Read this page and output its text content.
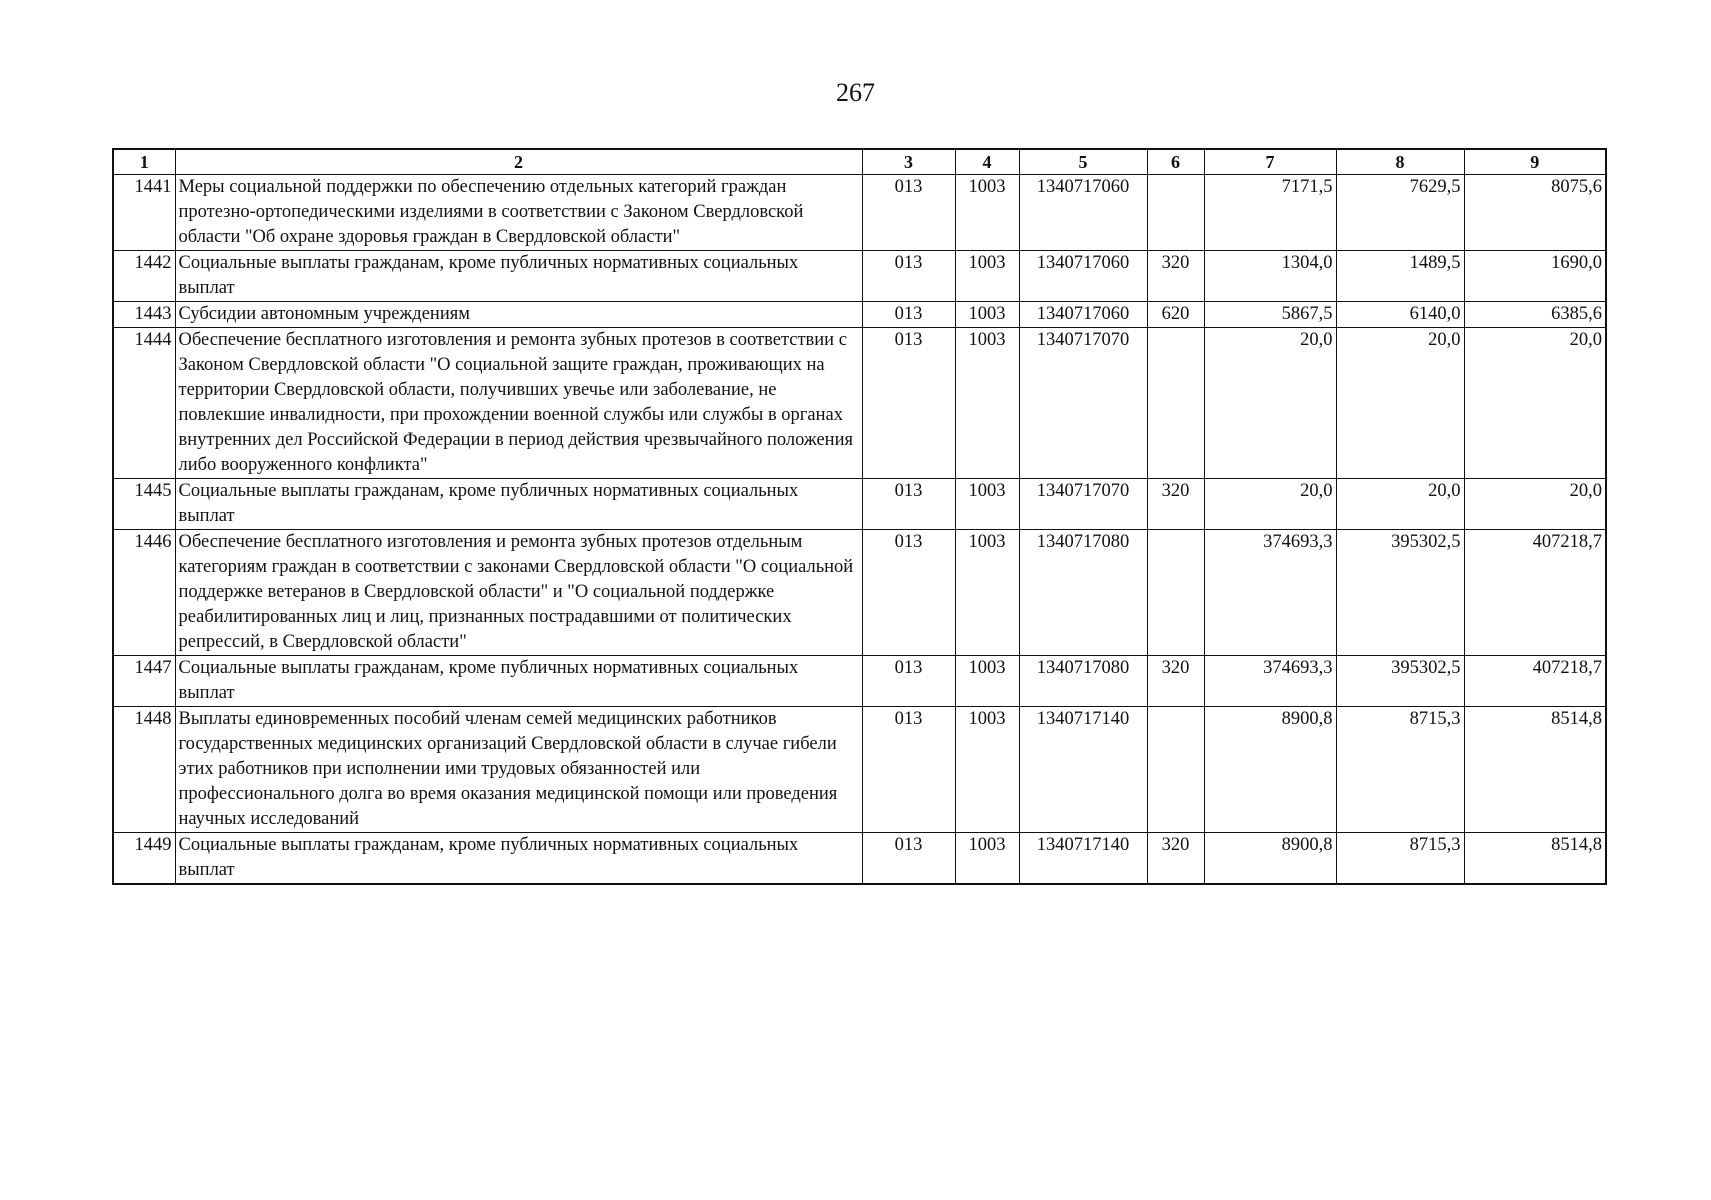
267
1	2	3	4	5	6	7	8	9
1441	Меры социальной поддержки по обеспечению отдельных категорий граждан протезно-ортопедическими изделиями в соответствии с Законом Свердловской области "Об охране здоровья граждан в Свердловской области"	013	1003	1340717060		7171,5	7629,5	8075,6
1442	Социальные выплаты гражданам, кроме публичных нормативных социальных выплат	013	1003	1340717060	320	1304,0	1489,5	1690,0
1443	Субсидии автономным учреждениям	013	1003	1340717060	620	5867,5	6140,0	6385,6
1444	Обеспечение бесплатного изготовления и ремонта зубных протезов в соответствии с Законом Свердловской области "О социальной защите граждан, проживающих на территории Свердловской области, получивших увечье или заболевание, не повлекшие инвалидности, при прохождении военной службы или службы в органах внутренних дел Российской Федерации в период действия чрезвычайного положения либо вооруженного конфликта"	013	1003	1340717070		20,0	20,0	20,0
1445	Социальные выплаты гражданам, кроме публичных нормативных социальных выплат	013	1003	1340717070	320	20,0	20,0	20,0
1446	Обеспечение бесплатного изготовления и ремонта зубных протезов отдельным категориям граждан в соответствии с законами Свердловской области "О социальной поддержке ветеранов в Свердловской области" и "О социальной поддержке реабилитированных лиц и лиц, признанных пострадавшими от политических репрессий, в Свердловской области"	013	1003	1340717080		374693,3	395302,5	407218,7
1447	Социальные выплаты гражданам, кроме публичных нормативных социальных выплат	013	1003	1340717080	320	374693,3	395302,5	407218,7
1448	Выплаты единовременных пособий членам семей медицинских работников государственных медицинских организаций Свердловской области в случае гибели этих работников при исполнении ими трудовых обязанностей или профессионального долга во время оказания медицинской помощи или проведения научных исследований	013	1003	1340717140		8900,8	8715,3	8514,8
1449	Социальные выплаты гражданам, кроме публичных нормативных социальных выплат	013	1003	1340717140	320	8900,8	8715,3	8514,8
